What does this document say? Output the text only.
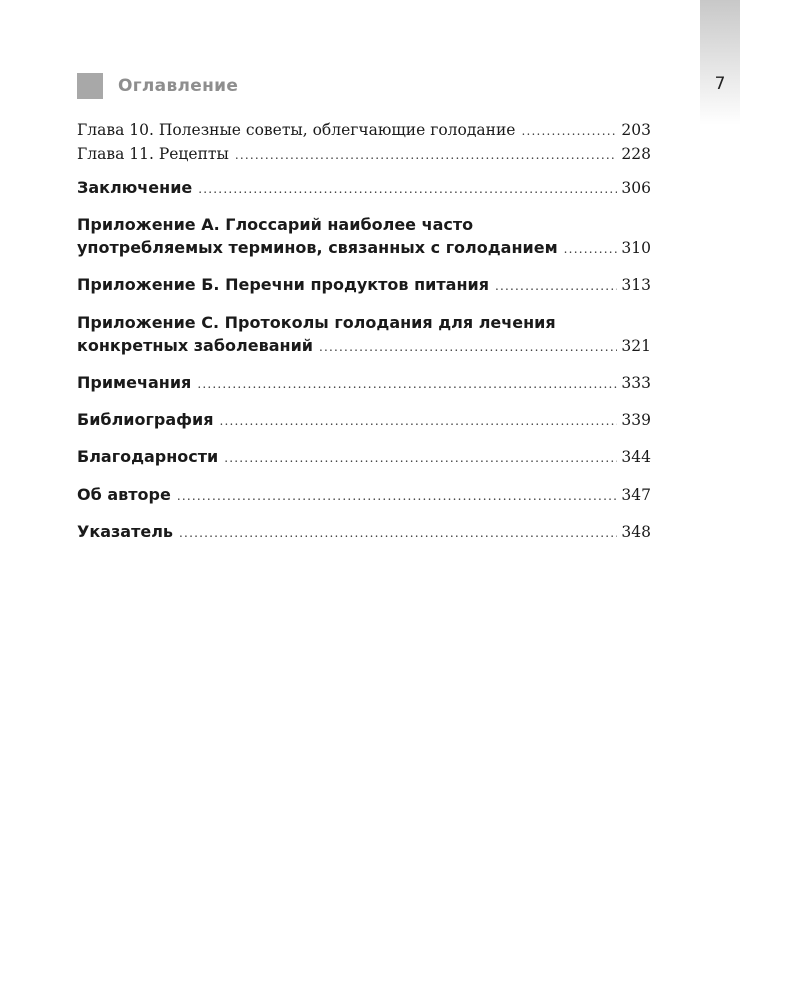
7
Оглавление
Глава 10. Полезные советы, облегчающие голодание .....	203
Глава 11. Рецепты .....	228
Заключение .....	306
Приложение А. Глоссарий наиболее часто
употребляемых терминов, связанных с голоданием .....	310
Приложение Б. Перечни продуктов питания .....	313
Приложение С. Протоколы голодания для лечения
конкретных заболеваний .....	321
Примечания .....	333
Библиография .....	339
Благодарности .....	344
Об авторе .....	347
Указатель .....	348
